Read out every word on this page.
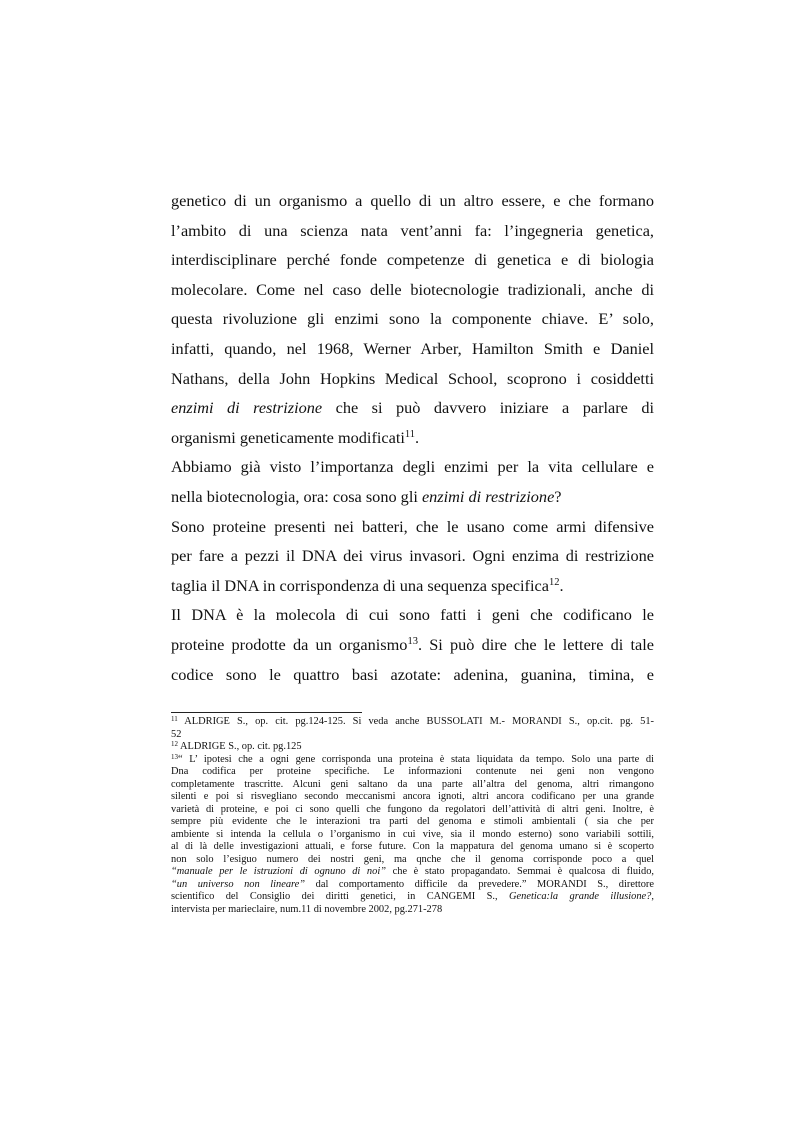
genetico di un organismo a quello di un altro essere, e che formano
l’ambito di una scienza nata vent’anni fa: l’ingegneria genetica,
interdisciplinare perché fonde competenze di genetica e di biologia
molecolare. Come nel caso delle biotecnologie tradizionali, anche di
questa rivoluzione gli enzimi sono la componente chiave. E’ solo,
infatti, quando, nel 1968, Werner Arber, Hamilton Smith e Daniel
Nathans, della John Hopkins Medical School, scoprono i cosiddetti
enzimi di restrizione che si può davvero iniziare a parlare di
organismi geneticamente modificati$^{11}$.
Abbiamo già visto l’importanza degli enzimi per la vita cellulare e
nella biotecnologia, ora: cosa sono gli enzimi di restrizione?
Sono proteine presenti nei batteri, che le usano come armi difensive
per fare a pezzi il DNA dei virus invasori. Ogni enzima di restrizione
taglia il DNA in corrispondenza di una sequenza specifica$^{12}$.
Il DNA è la molecola di cui sono fatti i geni che codificano le
proteine prodotte da un organismo$^{13}$. Si può dire che le lettere di tale
codice sono le quattro basi azotate: adenina, guanina, timina, e
$^{11}$ ALDRIGE S., op. cit. pg.124-125. Si veda anche BUSSOLATI M.- MORANDI S., op.cit. pg. 51-
52
$^{12}$ ALDRIGE S., op. cit. pg.125
$^{13}$“ L’ ipotesi che a ogni gene corrisponda una proteina è stata liquidata da tempo. Solo una parte di
Dna codifica per proteine specifiche. Le informazioni contenute nei geni non vengono
completamente trascritte. Alcuni geni saltano da una parte all’altra del genoma, altri rimangono
silenti e poi si risvegliano secondo meccanismi ancora ignoti, altri ancora codificano per una grande
varietà di proteine, e poi ci sono quelli che fungono da regolatori dell’attività di altri geni. Inoltre, è
sempre più evidente che le interazioni tra parti del genoma e stimoli ambientali ( sia che per
ambiente si intenda la cellula o l’organismo in cui vive, sia il mondo esterno) sono variabili sottili,
al di là delle investigazioni attuali, e forse future. Con la mappatura del genoma umano si è scoperto
non solo l’esiguo numero dei nostri geni, ma qnche che il genoma corrisponde poco a quel
“manuale per le istruzioni di ognuno di noi” che è stato propagandato. Semmai è qualcosa di fluido,
“un universo non lineare” dal comportamento difficile da prevedere.” MORANDI S., direttore
scientifico del Consiglio dei diritti genetici, in CANGEMI S., Genetica:la grande illusione?,
intervista per marieclaire, num.11 di novembre 2002, pg.271-278
